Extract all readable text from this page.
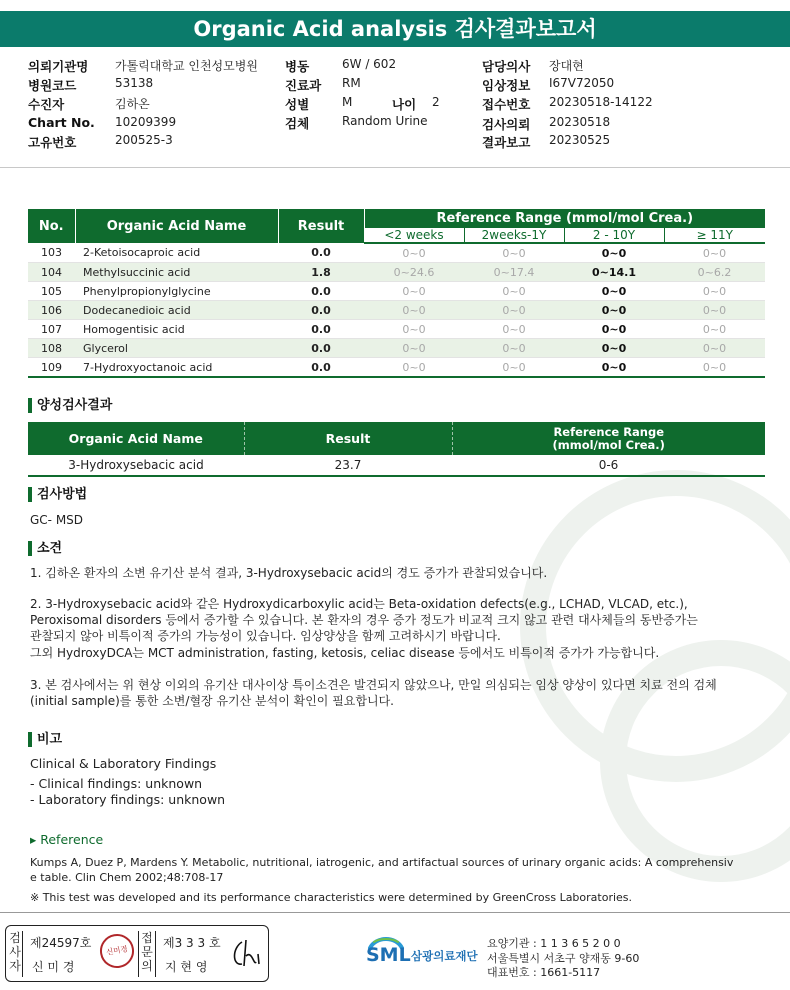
Organic Acid analysis 검사결과보고서
의뢰기관명 가톨릭대학교 인천성모병원
병원코드	53138
수진자	김하온
Chart No. 10209399
고유번호	200525-3
병동	6W / 602
진료과 RM
성별	M	나이 2
검체	Random Urine
담당의사 장대현
임상정보 I67V72050
접수번호 20230518-14122
검사의뢰 20230518
결과보고 20230525
No.	Organic Acid Name	Result	Reference Range (mmol/mol Crea.)			
			<2 weeks	2weeks-1Y	2 - 10Y	≥ 11Y
103	2-Ketoisocaproic acid	0.0	0~0	0~0	0~0	0~0
104	Methylsuccinic acid	1.8	0~24.6	0~17.4	0~14.1	0~6.2
105	Phenylpropionylglycine	0.0	0~0	0~0	0~0	0~0
106	Dodecanedioic acid	0.0	0~0	0~0	0~0	0~0
107	Homogentisic acid	0.0	0~0	0~0	0~0	0~0
108	Glycerol	0.0	0~0	0~0	0~0	0~0
109	7-Hydroxyoctanoic acid	0.0	0~0	0~0	0~0	0~0
양성검사결과
Organic Acid Name	Result	Reference Range
(mmol/mol Crea.)

3-Hydroxysebacic acid	23.7	0-6
검사방법
GC- MSD
소견
1. 김하온 환자의 소변 유기산 분석 결과, 3-Hydroxysebacic acid의 경도 증가가 관찰되었습니다.
2. 3-Hydroxysebacic acid와 같은 Hydroxydicarboxylic acid는 Beta-oxidation defects(e.g., LCHAD, VLCAD, etc.),
Peroxisomal disorders 등에서 증가할 수 있습니다. 본 환자의 경우 증가 정도가 비교적 크지 않고 관련 대사체들의 동반증가는
관찰되지 않아 비특이적 증가의 가능성이 있습니다. 임상양상을 함께 고려하시기 바랍니다.
그외 HydroxyDCA는 MCT administration, fasting, ketosis, celiac disease 등에서도 비특이적 증가가 가능합니다.
3. 본 검사에서는 위 현상 이외의 유기산 대사이상 특이소견은 발견되지 않았으나, 만일 의심되는 임상 양상이 있다면 치료 전의 검체
(initial sample)를 통한 소변/혈장 유기산 분석이 확인이 필요합니다.
비고
Clinical & Laboratory Findings
- Clinical findings: unknown
- Laboratory findings: unknown
▸ Reference
Kumps A, Duez P, Mardens Y. Metabolic, nutritional, iatrogenic, and artifactual sources of urinary organic acids: A comprehensiv
e table. Clin Chem 2002;48:708-17
※ This test was developed and its performance characteristics were determined by GreenCross Laboratories.
검
사
자
제24597호
신 미 경
신미경
접
문
의
제3 3 3 호
지 현 영
SML 삼광의료재단
요양기관 : 1 1 3 6 5 2 0 0
서울특별시 서초구 양재동 9-60
대표번호 : 1661-5117
